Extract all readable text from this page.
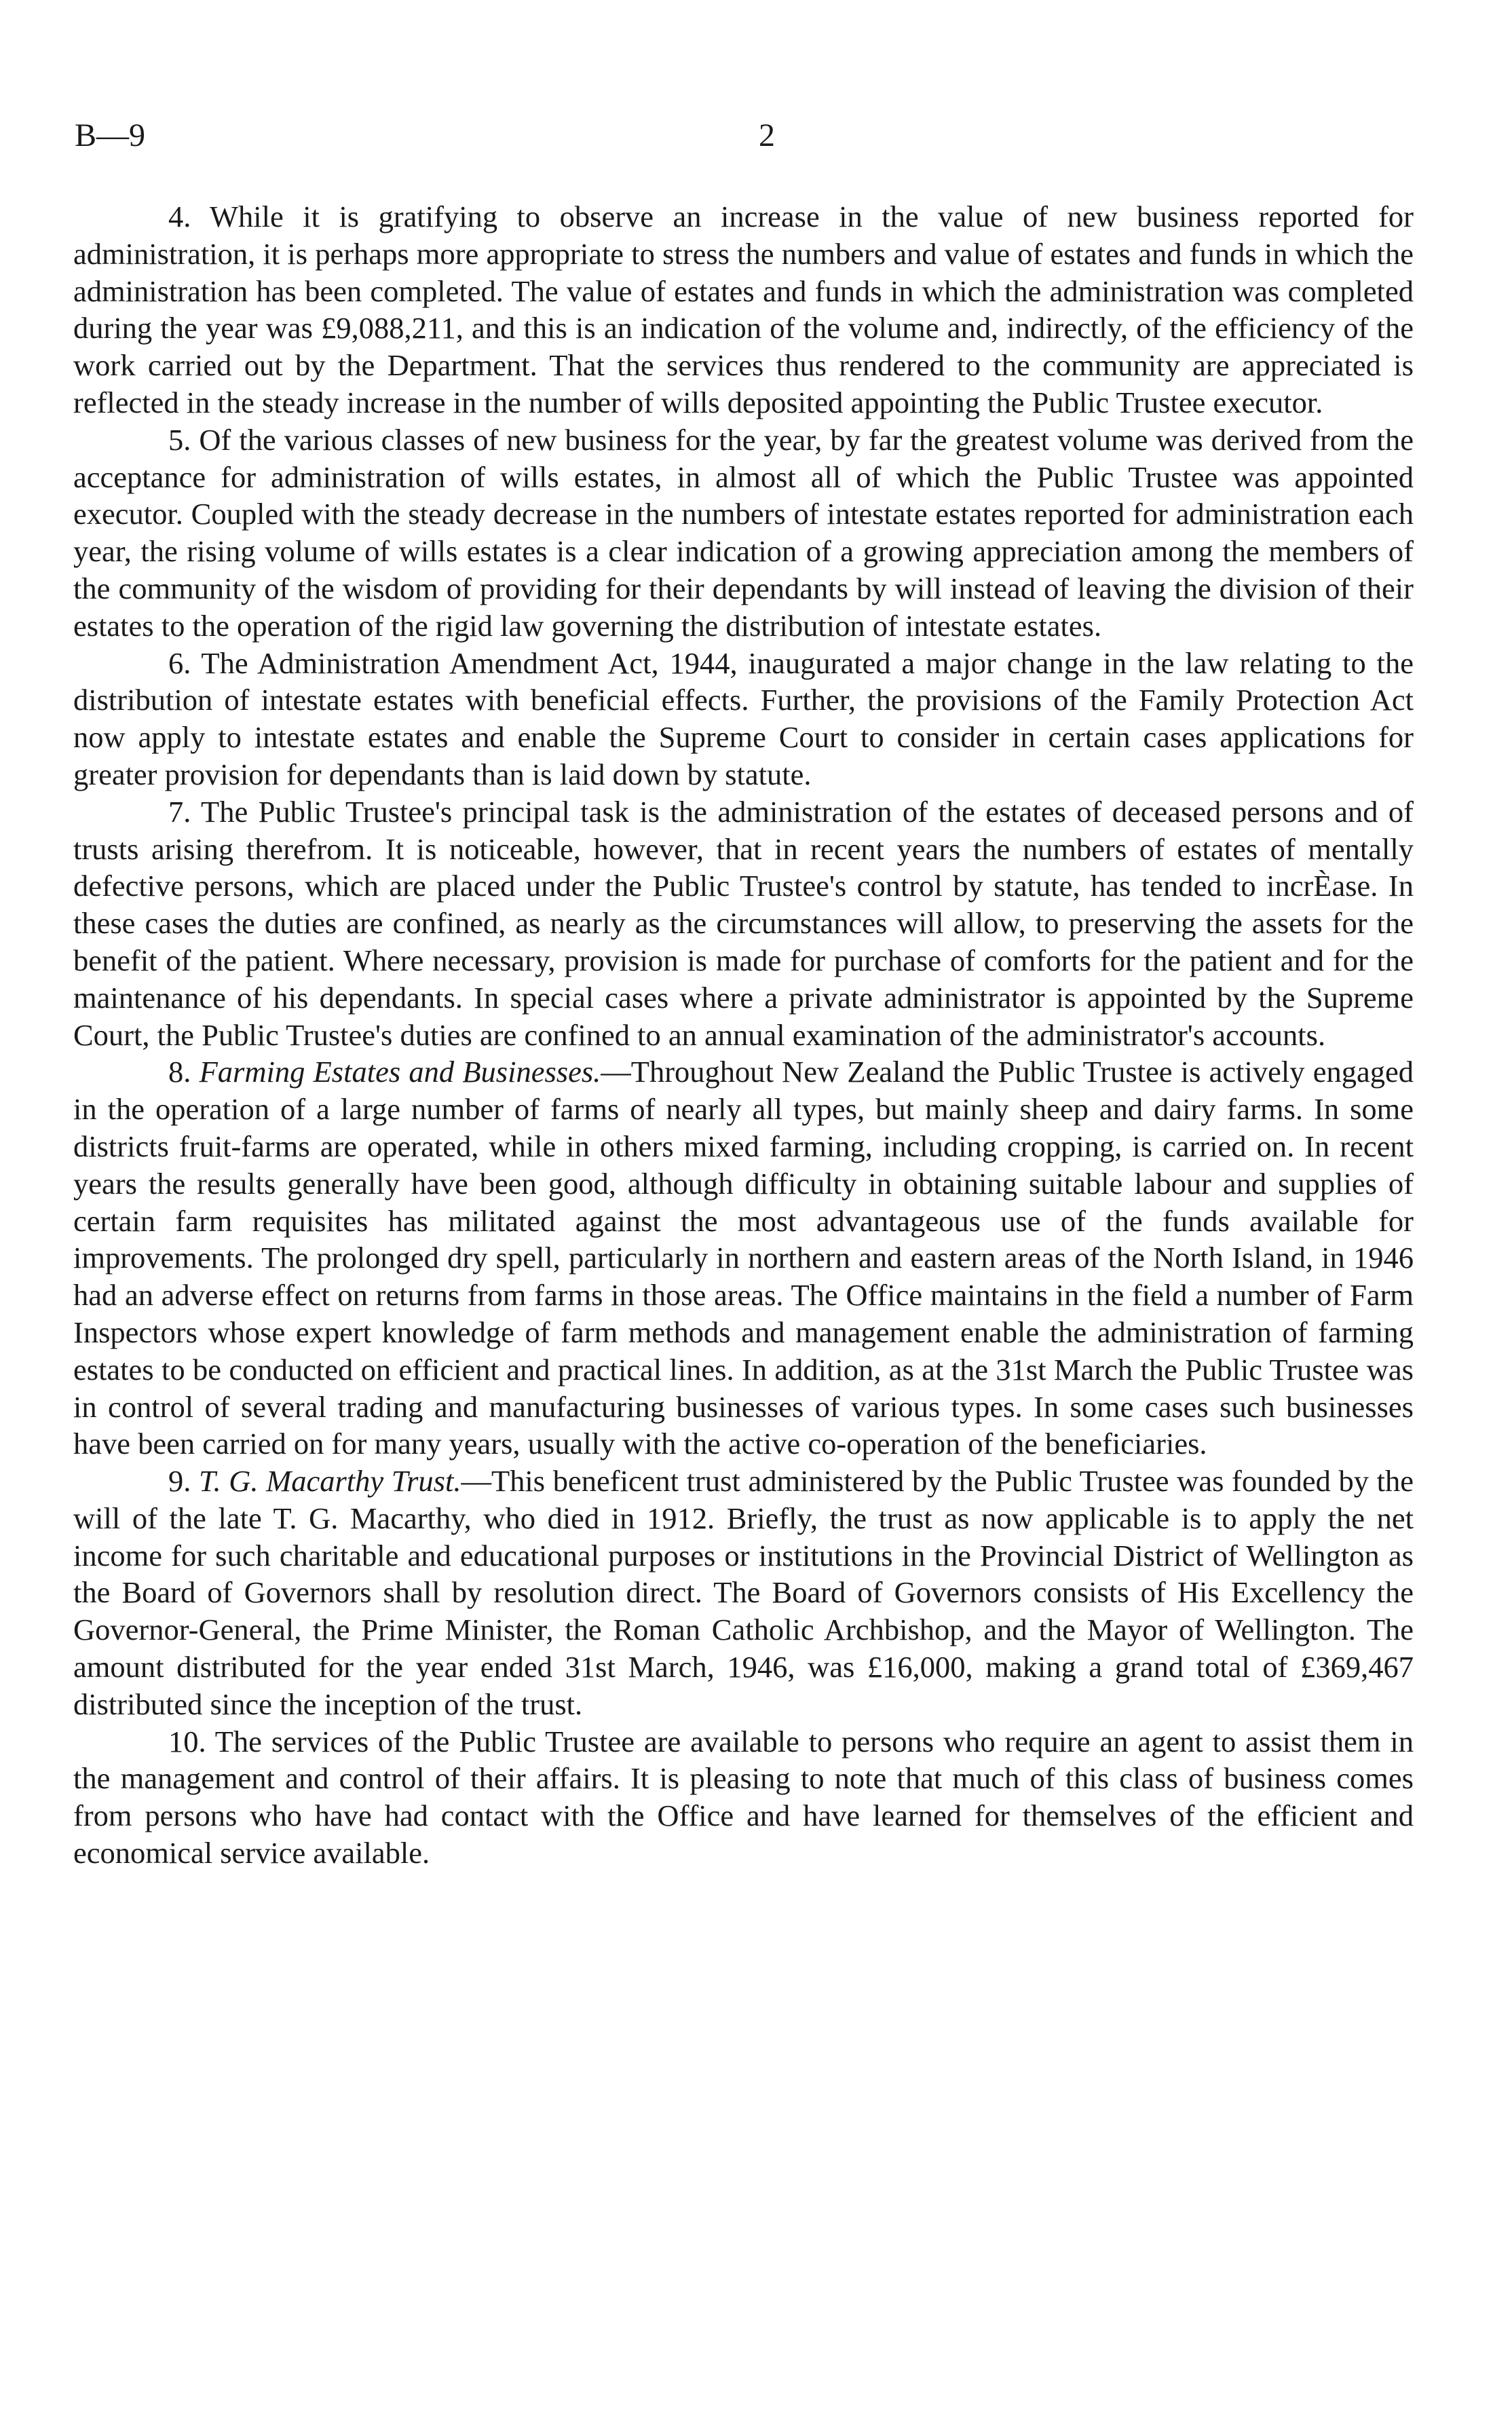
B—9	2

4. While it is gratifying to observe an increase in the value of new business reported for administration, it is perhaps more appropriate to stress the numbers and value of estates and funds in which the administration has been completed. The value of estates and funds in which the administration was completed during the year was £9,088,211, and this is an indication of the volume and, indirectly, of the efficiency of the work carried out by the Department. That the services thus rendered to the community are appreciated is reflected in the steady increase in the number of wills deposited appointing the Public Trustee executor.

5. Of the various classes of new business for the year, by far the greatest volume was derived from the acceptance for administration of wills estates, in almost all of which the Public Trustee was appointed executor. Coupled with the steady decrease in the numbers of intestate estates reported for administration each year, the rising volume of wills estates is a clear indication of a growing appreciation among the members of the community of the wisdom of providing for their dependants by will instead of leaving the division of their estates to the operation of the rigid law governing the distribution of intestate estates.

6. The Administration Amendment Act, 1944, inaugurated a major change in the law relating to the distribution of intestate estates with beneficial effects. Further, the provisions of the Family Protection Act now apply to intestate estates and enable the Supreme Court to consider in certain cases applications for greater provision for dependants than is laid down by statute.

7. The Public Trustee's principal task is the administration of the estates of deceased persons and of trusts arising therefrom. It is noticeable, however, that in recent years the numbers of estates of mentally defective persons, which are placed under the Public Trustee's control by statute, has tended to incrÈase. In these cases the duties are confined, as nearly as the circumstances will allow, to preserving the assets for the benefit of the patient. Where necessary, provision is made for purchase of comforts for the patient and for the maintenance of his dependants. In special cases where a private administrator is appointed by the Supreme Court, the Public Trustee's duties are confined to an annual examination of the administrator's accounts.

8. Farming Estates and Businesses.—Throughout New Zealand the Public Trustee is actively engaged in the operation of a large number of farms of nearly all types, but mainly sheep and dairy farms. In some districts fruit-farms are operated, while in others mixed farming, including cropping, is carried on. In recent years the results generally have been good, although difficulty in obtaining suitable labour and supplies of certain farm requisites has militated against the most advantageous use of the funds available for improvements. The prolonged dry spell, particularly in northern and eastern areas of the North Island, in 1946 had an adverse effect on returns from farms in those areas. The Office maintains in the field a number of Farm Inspectors whose expert knowledge of farm methods and management enable the administration of farming estates to be conducted on efficient and practical lines. In addition, as at the 31st March the Public Trustee was in control of several trading and manufacturing businesses of various types. In some cases such businesses have been carried on for many years, usually with the active co-operation of the beneficiaries.

9. T. G. Macarthy Trust.—This beneficent trust administered by the Public Trustee was founded by the will of the late T. G. Macarthy, who died in 1912. Briefly, the trust as now applicable is to apply the net income for such charitable and educational purposes or institutions in the Provincial District of Wellington as the Board of Governors shall by resolution direct. The Board of Governors consists of His Excellency the Governor-General, the Prime Minister, the Roman Catholic Archbishop, and the Mayor of Wellington. The amount distributed for the year ended 31st March, 1946, was £16,000, making a grand total of £369,467 distributed since the inception of the trust.

10. The services of the Public Trustee are available to persons who require an agent to assist them in the management and control of their affairs. It is pleasing to note that much of this class of business comes from persons who have had contact with the Office and have learned for themselves of the efficient and economical service available.
